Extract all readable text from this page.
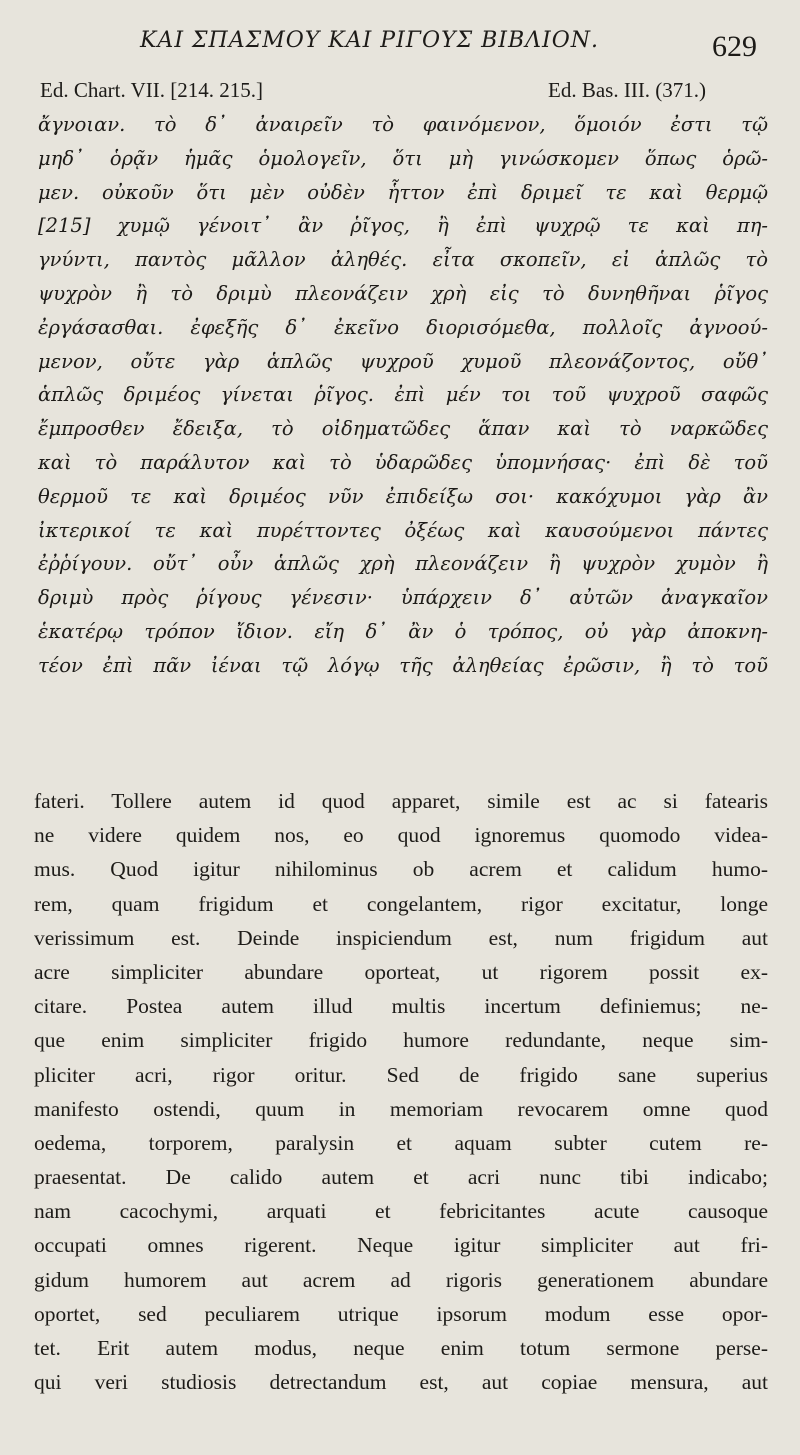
ΚΑΙ ΣΠΑΣΜΟΥ ΚΑΙ ΡΙΓΟΥΣ ΒΙΒΛΙΟΝ.	629
Ed. Chart. VII. [214. 215.]	Ed. Bas. III. (371.)
ἄγνοιαν. τὸ δ᾽ ἀναιρεῖν τὸ φαινόμενον, ὅμοιόν ἐστι τῷ
μηδ᾽ ὁρᾷν ἡμᾶς ὁμολογεῖν, ὅτι μὴ γινώσκομεν ὅπως ὁρῶ-
μεν. οὐκοῦν ὅτι μὲν οὐδὲν ἧττον ἐπὶ δριμεῖ τε καὶ θερμῷ
[215] χυμῷ γένοιτ᾽ ἂν ῥῖγος, ἢ ἐπὶ ψυχρῷ τε καὶ πη-
γνύντι, παντὸς μᾶλλον ἀληθές. εἶτα σκοπεῖν, εἰ ἁπλῶς τὸ
ψυχρὸν ἢ τὸ δριμὺ πλεονάζειν χρὴ εἰς τὸ δυνηθῆναι ῥῖγος
ἐργάσασθαι. ἐφεξῆς δ᾽ ἐκεῖνο διορισόμεθα, πολλοῖς ἀγνοού-
μενον, οὔτε γὰρ ἁπλῶς ψυχροῦ χυμοῦ πλεονάζοντος, οὔθ᾽
ἁπλῶς δριμέος γίνεται ῥῖγος. ἐπὶ μέν τοι τοῦ ψυχροῦ σαφῶς
ἔμπροσθεν ἔδειξα, τὸ οἰδηματῶδες ἅπαν καὶ τὸ ναρκῶδες
καὶ τὸ παράλυτον καὶ τὸ ὑδαρῶδες ὑπομνήσας· ἐπὶ δὲ τοῦ
θερμοῦ τε καὶ δριμέος νῦν ἐπιδείξω σοι· κακόχυμοι γὰρ ἂν
ἰκτερικοί τε καὶ πυρέττοντες ὀξέως καὶ καυσούμενοι πάντες
ἐῤῥίγουν. οὔτ᾽ οὖν ἁπλῶς χρὴ πλεονάζειν ἢ ψυχρὸν χυμὸν ἢ
δριμὺ πρὸς ῥίγους γένεσιν· ὑπάρχειν δ᾽ αὐτῶν ἀναγκαῖον
ἑκατέρῳ τρόπον ἴδιον. εἴη δ᾽ ἂν ὁ τρόπος, οὐ γὰρ ἀποκνη-
τέον ἐπὶ πᾶν ἰέναι τῷ λόγῳ τῆς ἀληθείας ἐρῶσιν, ἢ τὸ τοῦ
fateri. Tollere autem id quod apparet, simile est ac si fatearis
ne videre quidem nos, eo quod ignoremus quomodo videa-
mus. Quod igitur nihilominus ob acrem et calidum humo-
rem, quam frigidum et congelantem, rigor excitatur, longe
verissimum est. Deinde inspiciendum est, num frigidum aut
acre simpliciter abundare oporteat, ut rigorem possit ex-
citare. Postea autem illud multis incertum definiemus; ne-
que enim simpliciter frigido humore redundante, neque sim-
pliciter acri, rigor oritur. Sed de frigido sane superius
manifesto ostendi, quum in memoriam revocarem omne quod
oedema, torporem, paralysin et aquam subter cutem re-
praesentat. De calido autem et acri nunc tibi indicabo;
nam cacochymi, arquati et febricitantes acute causoque
occupati omnes rigerent. Neque igitur simpliciter aut fri-
gidum humorem aut acrem ad rigoris generationem abundare
oportet, sed peculiarem utrique ipsorum modum esse opor-
tet. Erit autem modus, neque enim totum sermone perse-
qui veri studiosis detrectandum est, aut copiae mensura, aut
